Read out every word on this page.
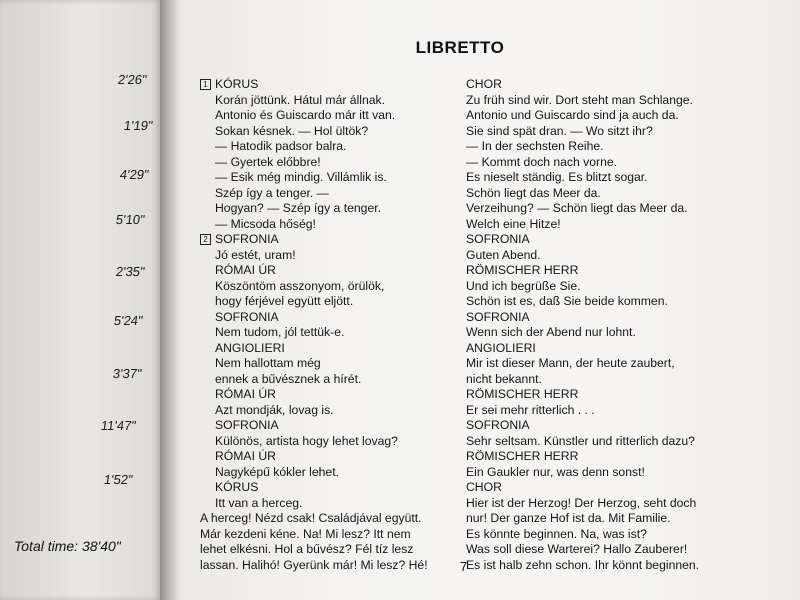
2'26"
1'19"
4'29"
5'10"
2'35"
5'24"
3'37"
11'47"
1'52"
Total time: 38'40"
LIBRETTO
1 KÓRUS
Korán jöttünk. Hátul már állnak.
Antonio és Guiscardo már itt van.
Sokan késnek. — Hol ültök?
— Hatodik padsor balra.
— Gyertek előbbre!
— Esik még mindig. Villámlik is.
Szép így a tenger. —
Hogyan? — Szép így a tenger.
— Micsoda hőség!
2 SOFRONIA
Jó estét, uram!
RÓMAI ÚR
Köszöntöm asszonyom, örülök,
hogy férjével együtt eljött.
SOFRONIA
Nem tudom, jól tettük-e.
ANGIOLIERI
Nem hallottam még
ennek a bűvésznek a hírét.
RÓMAI ÚR
Azt mondják, lovag is.
SOFRONIA
Különös, artista hogy lehet lovag?
RÓMAI ÚR
Nagyképű kókler lehet.
KÓRUS
Itt van a herceg.
A herceg! Nézd csak! Családjával együtt.
Már kezdeni kéne. Na! Mi lesz? Itt nem
lehet elkésni. Hol a bűvész? Fél tíz lesz
lassan. Halihó! Gyerünk már! Mi lesz? Hé!
CHOR
Zu früh sind wir. Dort steht man Schlange.
Antonio und Guiscardo sind ja auch da.
Sie sind spät dran. — Wo sitzt ihr?
— In der sechsten Reihe.
— Kommt doch nach vorne.
Es nieselt ständig. Es blitzt sogar.
Schön liegt das Meer da.
Verzeihung? — Schön liegt das Meer da.
Welch eine Hitze!
SOFRONIA
Guten Abend.
RÖMISCHER HERR
Und ich begrüße Sie.
Schön ist es, daß Sie beide kommen.
SOFRONIA
Wenn sich der Abend nur lohnt.
ANGIOLIERI
Mir ist dieser Mann, der heute zaubert,
nicht bekannt.
RÖMISCHER HERR
Er sei mehr ritterlich . . .
SOFRONIA
Sehr seltsam. Künstler und ritterlich dazu?
RÖMISCHER HERR
Ein Gaukler nur, was denn sonst!
CHOR
Hier ist der Herzog! Der Herzog, seht doch
nur! Der ganze Hof ist da. Mit Familie.
Es könnte beginnen. Na, was ist?
Was soll diese Warterei? Hallo Zauberer!
Es ist halb zehn schon. Ihr könnt beginnen.
7
